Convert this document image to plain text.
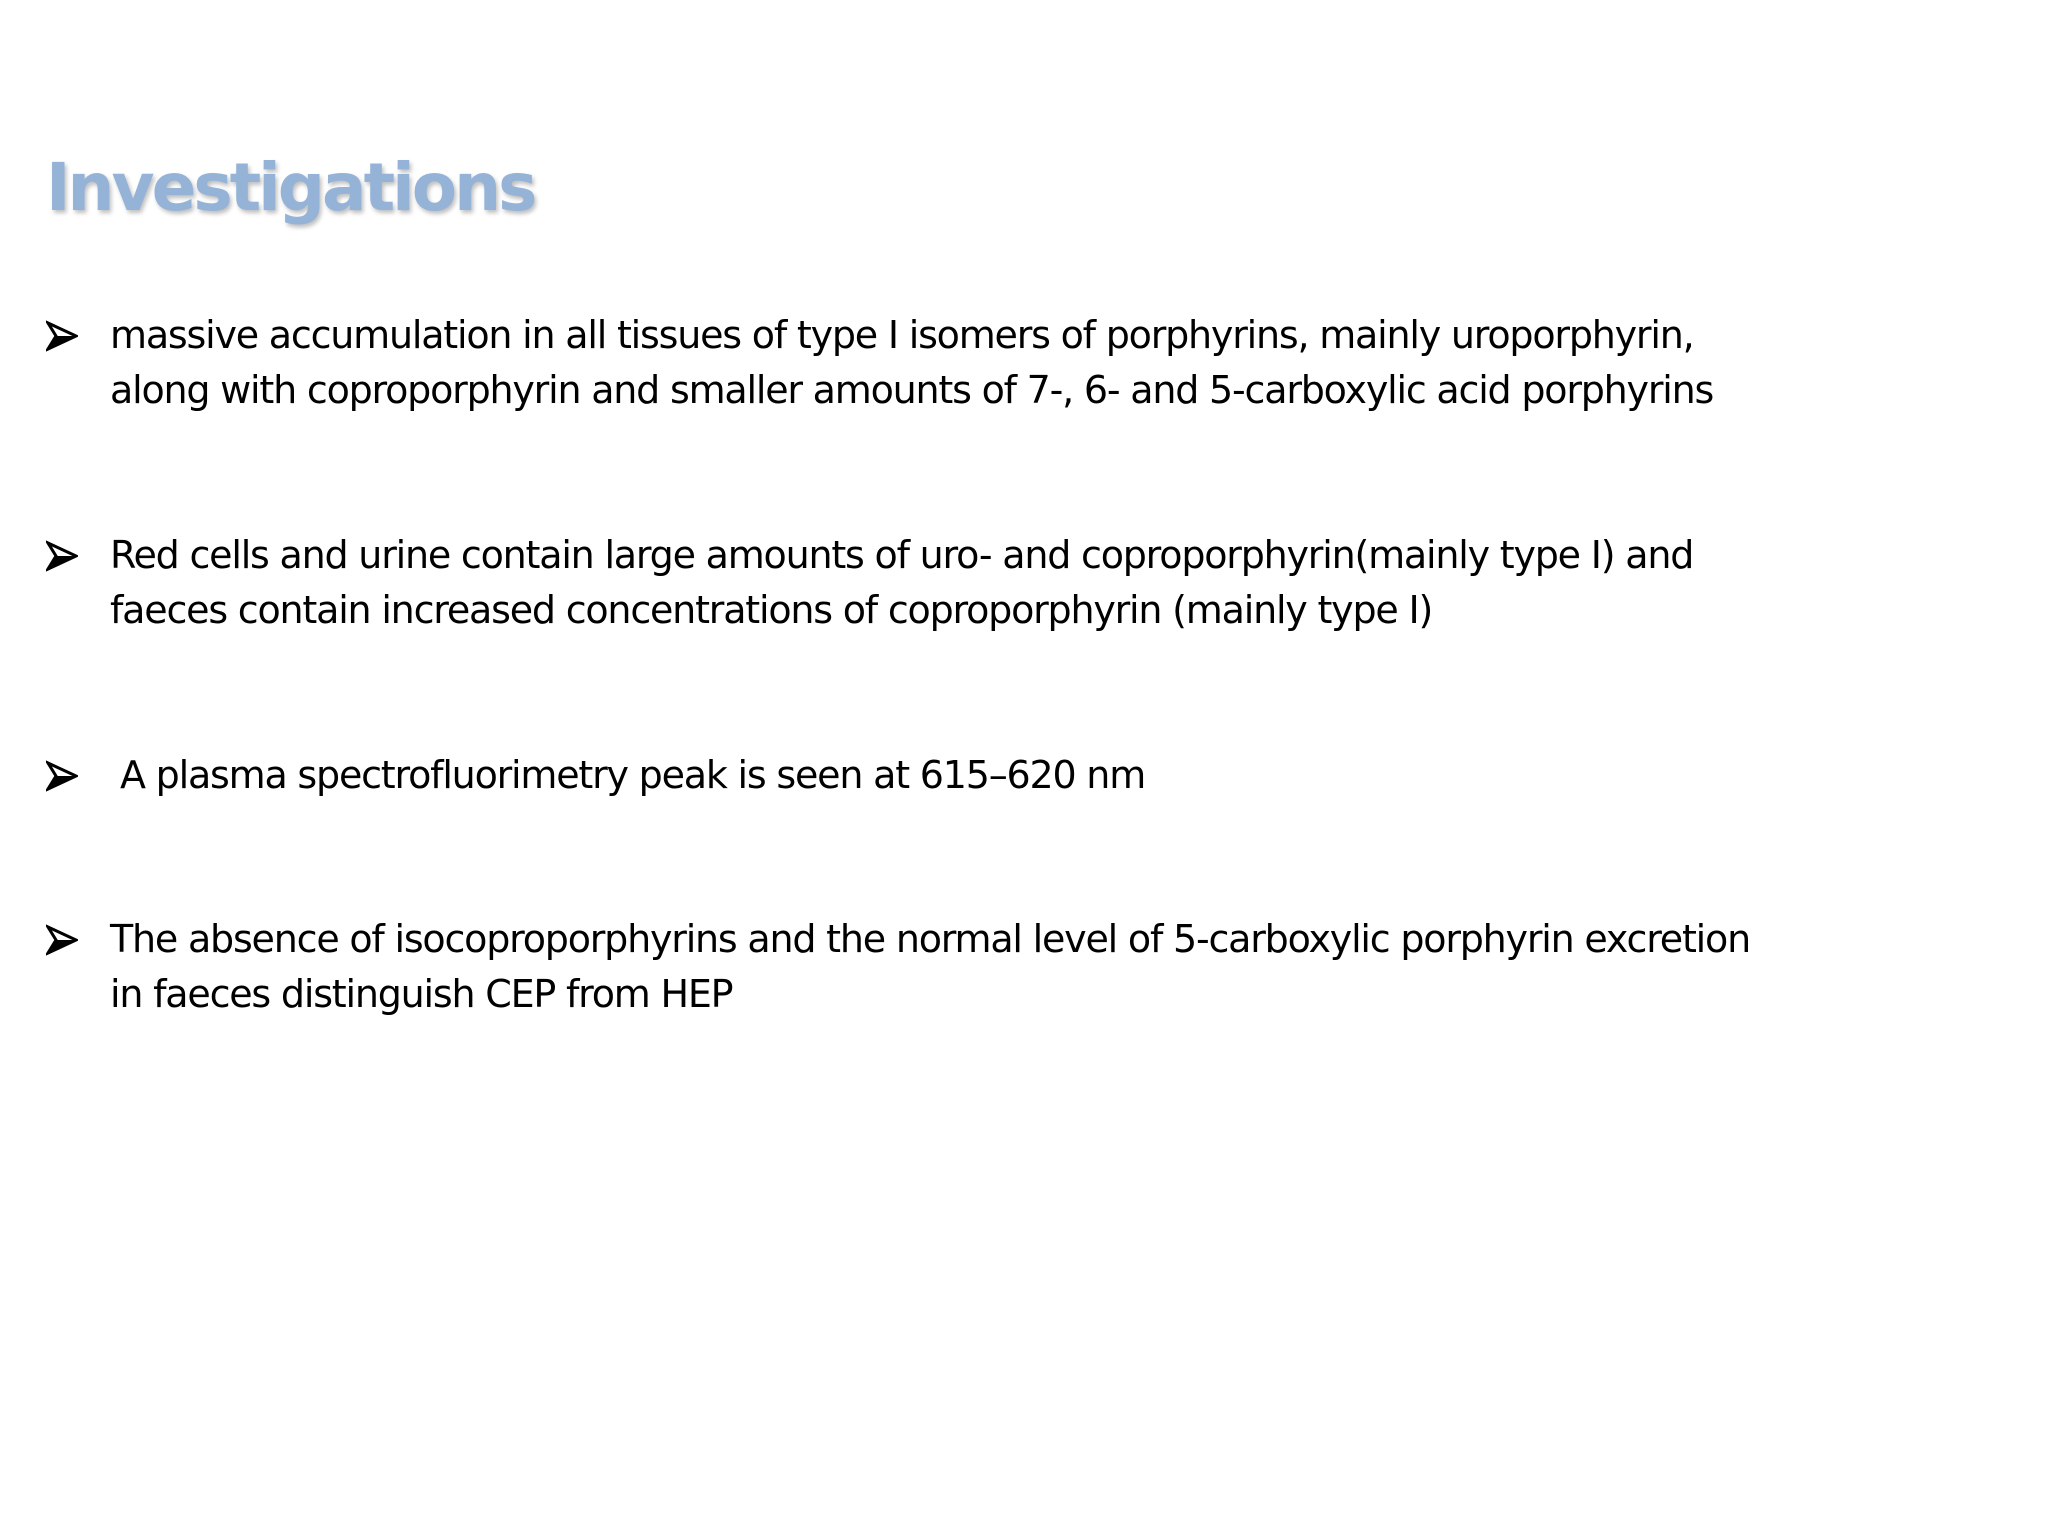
Investigations
massive accumulation in all tissues of type I isomers of porphyrins, mainly uroporphyrin,
along with coproporphyrin and smaller amounts of 7-, 6- and 5-carboxylic acid porphyrins
Red cells and urine contain large amounts of uro- and coproporphyrin(mainly type I) and
faeces contain increased concentrations of coproporphyrin (mainly type I)
A plasma spectrofluorimetry peak is seen at 615–620 nm
The absence of isocoproporphyrins and the normal level of 5-carboxylic porphyrin excretion
in faeces distinguish CEP from HEP
